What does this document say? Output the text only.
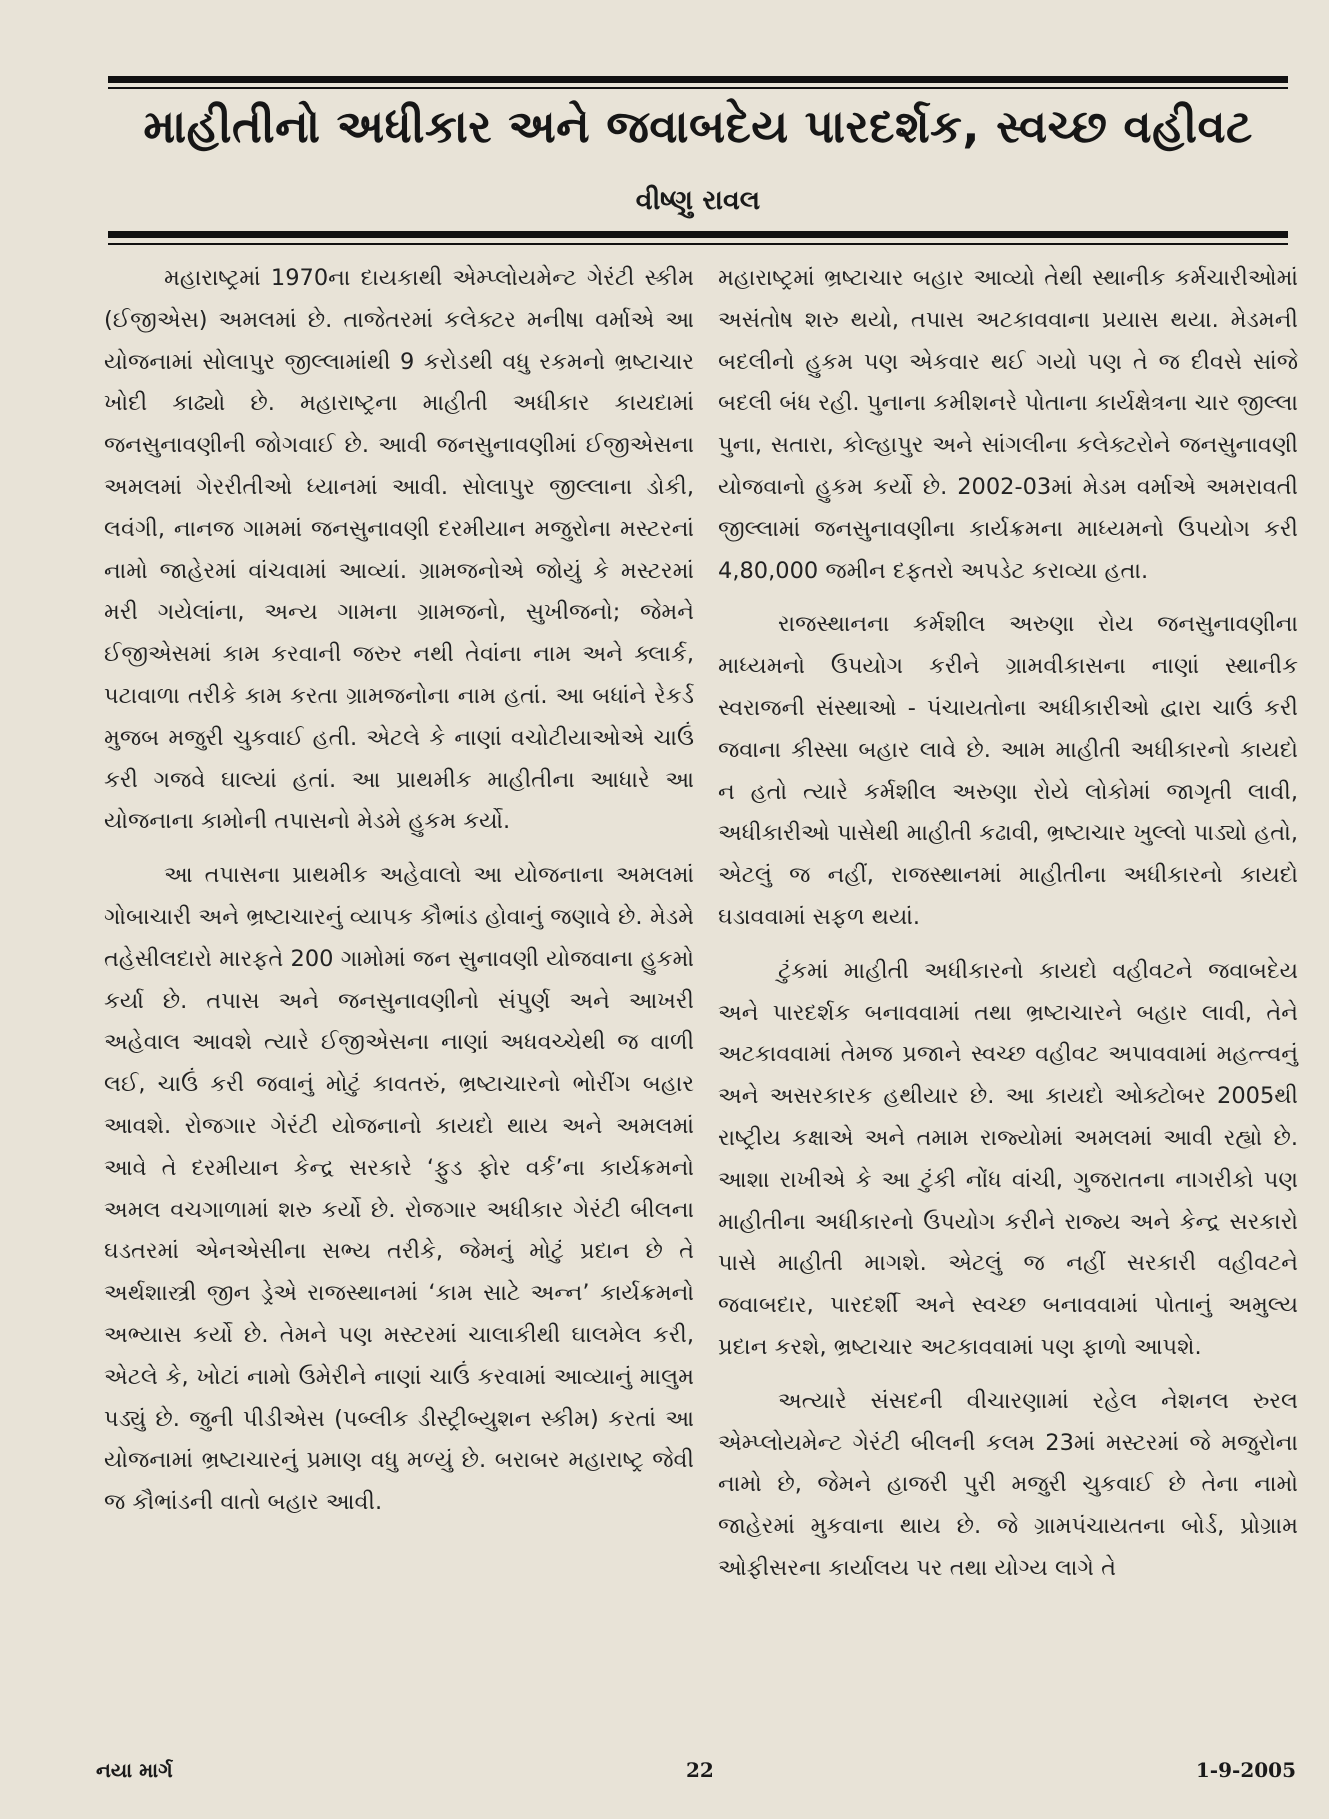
માહીતીનો અધીકાર અને જવાબદેય પારદર્શક, સ્વચ્છ વહીવટ
વીષ્ણુ રાવલ

મહારાષ્ટ્રમાં 1970ના દાયકાથી એમ્પ્લોયમેન્ટ ગેરંટી સ્કીમ (ઈજીએસ) અમલમાં છે. તાજેતરમાં કલેક્ટર મનીષા વર્માએ આ યોજનામાં સોલાપુર જીલ્લામાંથી 9 કરોડથી વધુ રકમનો ભ્રષ્ટાચાર ખોદી કાઢ્યો છે. મહારાષ્ટ્રના માહીતી અધીકાર કાયદામાં જનસુનાવણીની જોગવાઈ છે. આવી જનસુનાવણીમાં ઈજીએસના અમલમાં ગેરરીતીઓ ધ્યાનમાં આવી. સોલાપુર જીલ્લાના ડોકી, લવંગી, નાનજ ગામમાં જનસુનાવણી દરમીયાન મજુરોના મસ્ટરનાં નામો જાહેરમાં વાંચવામાં આવ્યાં. ગ્રામજનોએ જોયું કે મસ્ટરમાં મરી ગયેલાંના, અન્ય ગામના ગ્રામજનો, સુખીજનો; જેમને ઈજીએસમાં કામ કરવાની જરુર નથી તેવાંના નામ અને ક્લાર્ક, પટાવાળા તરીકે કામ કરતા ગ્રામજનોના નામ હતાં. આ બધાંને રેકર્ડ મુજબ મજુરી ચુકવાઈ હતી. એટલે કે નાણાં વચોટીયાઓએ ચાઉં કરી ગજવે ઘાલ્યાં હતાં. આ પ્રાથમીક માહીતીના આધારે આ યોજનાના કામોની તપાસનો મેડમે હુકમ કર્યો.

આ તપાસના પ્રાથમીક અહેવાલો આ યોજનાના અમલમાં ગોબાચારી અને ભ્રષ્ટાચારનું વ્યાપક કૌભાંડ હોવાનું જણાવે છે. મેડમે તહેસીલદારો મારફતે 200 ગામોમાં જન સુનાવણી યોજવાના હુકમો કર્યા છે. તપાસ અને જનસુનાવણીનો સંપુર્ણ અને આખરી અહેવાલ આવશે ત્યારે ઈજીએસના નાણાં અધવચ્ચેથી જ વાળી લઈ, ચાઉં કરી જવાનું મોટું કાવતરું, ભ્રષ્ટાચારનો ભોરીંગ બહાર આવશે. રોજગાર ગેરંટી યોજનાનો કાયદો થાય અને અમલમાં આવે તે દરમીયાન કેન્દ્ર સરકારે ‘ફુડ ફોર વર્ક’ના કાર્યક્રમનો અમલ વચગાળામાં શરુ કર્યો છે. રોજગાર અધીકાર ગેરંટી બીલના ઘડતરમાં એનએસીના સભ્ય તરીકે, જેમનું મોટું પ્રદાન છે તે અર્થશાસ્ત્રી જીન ડ્રેએ રાજસ્થાનમાં ‘કામ સાટે અન્ન’ કાર્યક્રમનો અભ્યાસ કર્યો છે. તેમને પણ મસ્ટરમાં ચાલાકીથી ઘાલમેલ કરી, એટલે કે, ખોટાં નામો ઉમેરીને નાણાં ચાઉં કરવામાં આવ્યાનું માલુમ પડ્યું છે. જુની પીડીએસ (પબ્લીક ડીસ્ટ્રીબ્યુશન સ્કીમ) કરતાં આ યોજનામાં ભ્રષ્ટાચારનું પ્રમાણ વધુ મળ્યું છે. બરાબર મહારાષ્ટ્ર જેવી જ કૌભાંડની વાતો બહાર આવી.

મહારાષ્ટ્રમાં ભ્રષ્ટાચાર બહાર આવ્યો તેથી સ્થાનીક કર્મચારીઓમાં અસંતોષ શરુ થયો, તપાસ અટકાવવાના પ્રયાસ થયા. મેડમની બદલીનો હુકમ પણ એકવાર થઈ ગયો પણ તે જ દીવસે સાંજે બદલી બંધ રહી. પુનાના કમીશનરે પોતાના કાર્યક્ષેત્રના ચાર જીલ્લા પુના, સતારા, કોલ્હાપુર અને સાંગલીના કલેક્ટરોને જનસુનાવણી યોજવાનો હુકમ કર્યો છે. 2002-03માં મેડમ વર્માએ અમરાવતી જીલ્લામાં જનસુનાવણીના કાર્યક્રમના માધ્યમનો ઉપયોગ કરી 4,80,000 જમીન દફતરો અપડેટ કરાવ્યા હતા.

રાજસ્થાનના કર્મશીલ અરુણા રોય જનસુનાવણીના માધ્યમનો ઉપયોગ કરીને ગ્રામવીકાસના નાણાં સ્થાનીક સ્વરાજની સંસ્થાઓ - પંચાયતોના અધીકારીઓ દ્વારા ચાઉં કરી જવાના કીસ્સા બહાર લાવે છે. આમ માહીતી અધીકારનો કાયદો ન હતો ત્યારે કર્મશીલ અરુણા રોયે લોકોમાં જાગૃતી લાવી, અધીકારીઓ પાસેથી માહીતી કઢાવી, ભ્રષ્ટાચાર ખુલ્લો પાડ્યો હતો, એટલું જ નહીં, રાજસ્થાનમાં માહીતીના અધીકારનો કાયદો ઘડાવવામાં સફળ થયાં.

ટુંકમાં માહીતી અધીકારનો કાયદો વહીવટને જવાબદેય અને પારદર્શક બનાવવામાં તથા ભ્રષ્ટાચારને બહાર લાવી, તેને અટકાવવામાં તેમજ પ્રજાને સ્વચ્છ વહીવટ અપાવવામાં મહત્ત્વનું અને અસરકારક હથીયાર છે. આ કાયદો ઓક્ટોબર 2005થી રાષ્ટ્રીય કક્ષાએ અને તમામ રાજ્યોમાં અમલમાં આવી રહ્યો છે. આશા રાખીએ કે આ ટુંકી નોંધ વાંચી, ગુજરાતના નાગરીકો પણ માહીતીના અધીકારનો ઉપયોગ કરીને રાજ્ય અને કેન્દ્ર સરકારો પાસે માહીતી માગશે. એટલું જ નહીં સરકારી વહીવટને જવાબદાર, પારદર્શી અને સ્વચ્છ બનાવવામાં પોતાનું અમુલ્ય પ્રદાન કરશે, ભ્રષ્ટાચાર અટકાવવામાં પણ ફાળો આપશે.

અત્યારે સંસદની વીચારણામાં રહેલ નેશનલ રુરલ એમ્પ્લોયમેન્ટ ગેરંટી બીલની કલમ 23માં મસ્ટરમાં જે મજુરોના નામો છે, જેમને હાજરી પુરી મજુરી ચુકવાઈ છે તેના નામો જાહેરમાં મુકવાના થાય છે. જે ગ્રામપંચાયતના બોર્ડ, પ્રોગ્રામ ઓફીસરના કાર્યાલય પર તથા યોગ્ય લાગે તે

નયા માર્ગ	22	1-9-2005
